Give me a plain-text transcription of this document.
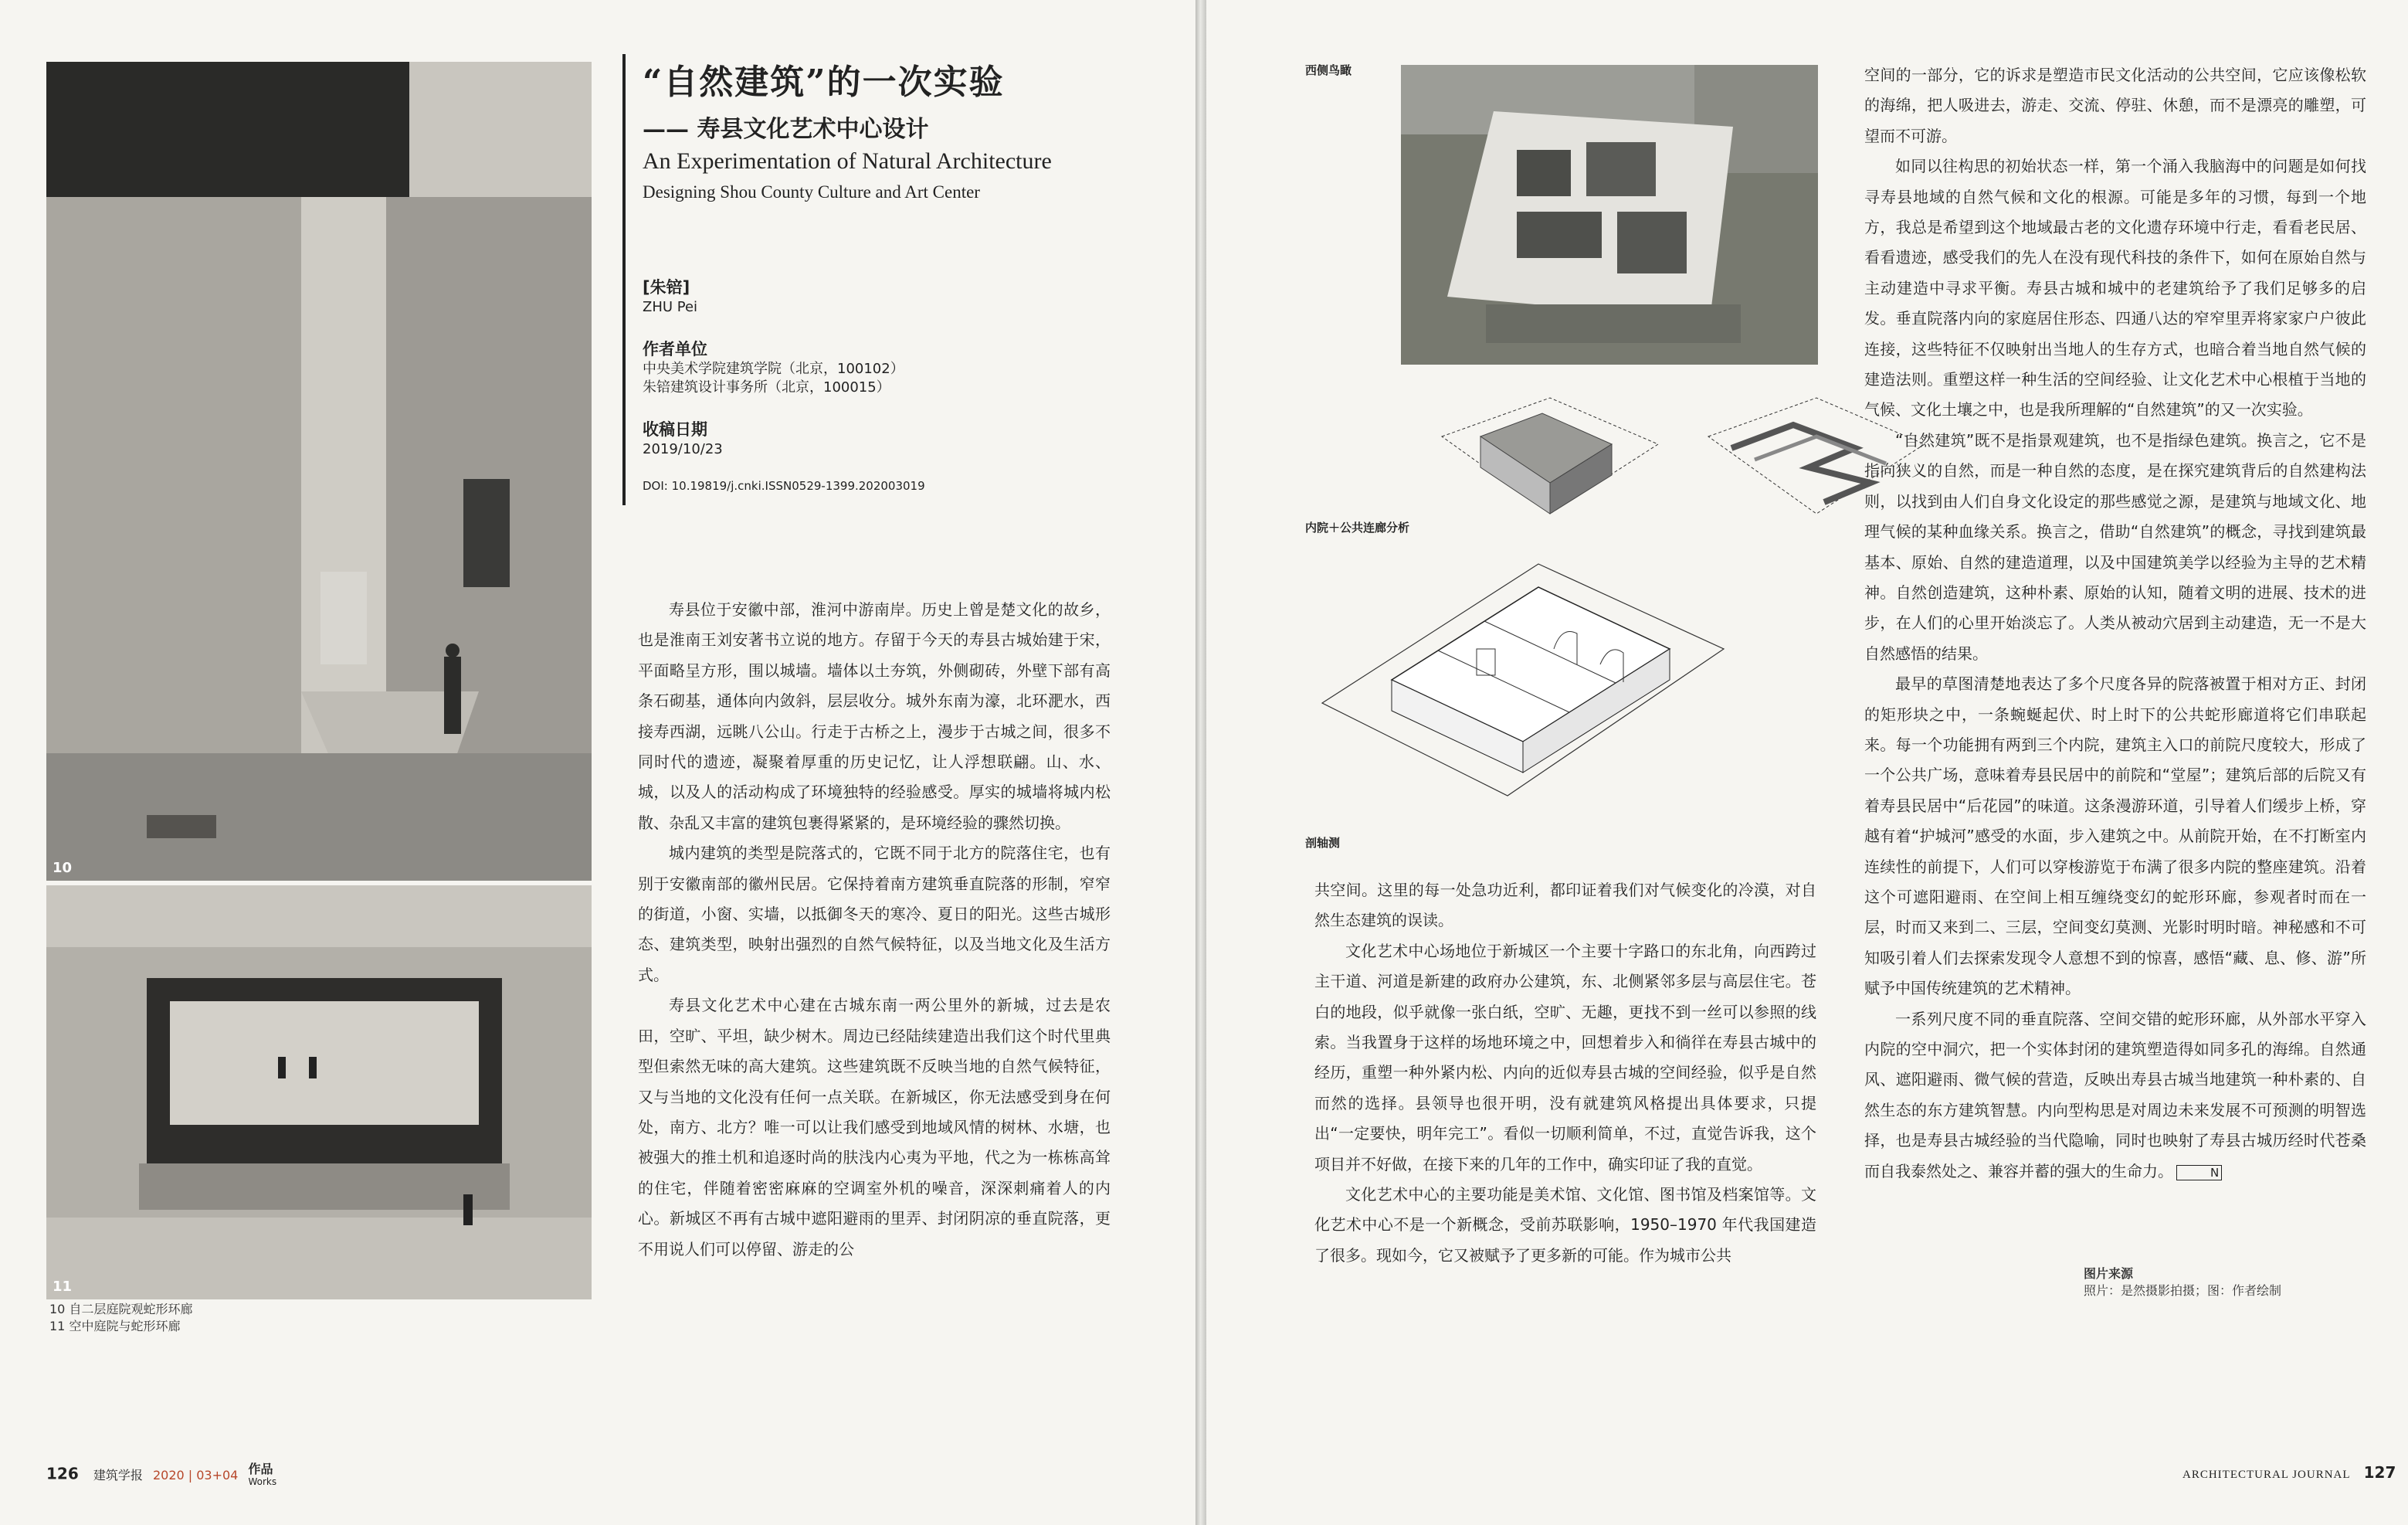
10
11
10 自二层庭院观蛇形环廊
11 空中庭院与蛇形环廊
“自然建筑”的一次实验
—— 寿县文化艺术中心设计
An Experimentation of Natural Architecture
Designing Shou County Culture and Art Center
[朱锫]
ZHU Pei
作者单位
中央美术学院建筑学院（北京，100102）
朱锫建筑设计事务所（北京，100015）
收稿日期
2019/10/23
DOI: 10.19819/j.cnki.ISSN0529-1399.202003019

寿县位于安徽中部，淮河中游南岸。历史上曾是楚文化的故乡，也是淮南王刘安著书立说的地方。存留于今天的寿县古城始建于宋，平面略呈方形，围以城墙。墙体以土夯筑，外侧砌砖，外壁下部有高条石砌基，通体向内敛斜，层层收分。城外东南为濠，北环淝水，西接寿西湖，远眺八公山。行走于古桥之上，漫步于古城之间，很多不同时代的遗迹，凝聚着厚重的历史记忆，让人浮想联翩。山、水、城，以及人的活动构成了环境独特的经验感受。厚实的城墙将城内松散、杂乱又丰富的建筑包裹得紧紧的，是环境经验的骤然切换。

城内建筑的类型是院落式的，它既不同于北方的院落住宅，也有别于安徽南部的徽州民居。它保持着南方建筑垂直院落的形制，窄窄的街道，小窗、实墙，以抵御冬天的寒冷、夏日的阳光。这些古城形态、建筑类型，映射出强烈的自然气候特征，以及当地文化及生活方式。

寿县文化艺术中心建在古城东南一两公里外的新城，过去是农田，空旷、平坦，缺少树木。周边已经陆续建造出我们这个时代里典型但索然无味的高大建筑。这些建筑既不反映当地的自然气候特征，又与当地的文化没有任何一点关联。在新城区，你无法感受到身在何处，南方、北方？唯一可以让我们感受到地域风情的树林、水塘，也被强大的推土机和追逐时尚的肤浅内心夷为平地，代之为一栋栋高耸的住宅，伴随着密密麻麻的空调室外机的噪音，深深刺痛着人的内心。新城区不再有古城中遮阳避雨的里弄、封闭阴凉的垂直院落，更不用说人们可以停留、游走的公

126 建筑学报 2020 | 03+04 作品
Works
西侧鸟瞰
内院＋公共连廊分析
剖轴测

共空间。这里的每一处急功近利，都印证着我们对气候变化的冷漠，对自然生态建筑的误读。

文化艺术中心场地位于新城区一个主要十字路口的东北角，向西跨过主干道、河道是新建的政府办公建筑，东、北侧紧邻多层与高层住宅。苍白的地段，似乎就像一张白纸，空旷、无趣，更找不到一丝可以参照的线索。当我置身于这样的场地环境之中，回想着步入和徜徉在寿县古城中的经历，重塑一种外紧内松、内向的近似寿县古城的空间经验，似乎是自然而然的选择。县领导也很开明，没有就建筑风格提出具体要求，只提出“一定要快，明年完工”。看似一切顺利简单，不过，直觉告诉我，这个项目并不好做，在接下来的几年的工作中，确实印证了我的直觉。

文化艺术中心的主要功能是美术馆、文化馆、图书馆及档案馆等。文化艺术中心不是一个新概念，受前苏联影响，1950–1970 年代我国建造了很多。现如今，它又被赋予了更多新的可能。作为城市公共

空间的一部分，它的诉求是塑造市民文化活动的公共空间，它应该像松软的海绵，把人吸进去，游走、交流、停驻、休憩，而不是漂亮的雕塑，可望而不可游。

如同以往构思的初始状态一样，第一个涌入我脑海中的问题是如何找寻寿县地域的自然气候和文化的根源。可能是多年的习惯，每到一个地方，我总是希望到这个地域最古老的文化遗存环境中行走，看看老民居、看看遗迹，感受我们的先人在没有现代科技的条件下，如何在原始自然与主动建造中寻求平衡。寿县古城和城中的老建筑给予了我们足够多的启发。垂直院落内向的家庭居住形态、四通八达的窄窄里弄将家家户户彼此连接，这些特征不仅映射出当地人的生存方式，也暗合着当地自然气候的建造法则。重塑这样一种生活的空间经验、让文化艺术中心根植于当地的气候、文化土壤之中，也是我所理解的“自然建筑”的又一次实验。

“自然建筑”既不是指景观建筑，也不是指绿色建筑。换言之，它不是指向狭义的自然，而是一种自然的态度，是在探究建筑背后的自然建构法则，以找到由人们自身文化设定的那些感觉之源，是建筑与地域文化、地理气候的某种血缘关系。换言之，借助“自然建筑”的概念，寻找到建筑最基本、原始、自然的建造道理，以及中国建筑美学以经验为主导的艺术精神。自然创造建筑，这种朴素、原始的认知，随着文明的进展、技术的进步，在人们的心里开始淡忘了。人类从被动穴居到主动建造，无一不是大自然感悟的结果。

最早的草图清楚地表达了多个尺度各异的院落被置于相对方正、封闭的矩形块之中，一条蜿蜒起伏、时上时下的公共蛇形廊道将它们串联起来。每一个功能拥有两到三个内院，建筑主入口的前院尺度较大，形成了一个公共广场，意味着寿县民居中的前院和“堂屋”；建筑后部的后院又有着寿县民居中“后花园”的味道。这条漫游环道，引导着人们缓步上桥，穿越有着“护城河”感受的水面，步入建筑之中。从前院开始，在不打断室内连续性的前提下，人们可以穿梭游览于布满了很多内院的整座建筑。沿着这个可遮阳避雨、在空间上相互缠绕变幻的蛇形环廊，参观者时而在一层，时而又来到二、三层，空间变幻莫测、光影时明时暗。神秘感和不可知吸引着人们去探索发现令人意想不到的惊喜，感悟“藏、息、修、游”所赋予中国传统建筑的艺术精神。

一系列尺度不同的垂直院落、空间交错的蛇形环廊，从外部水平穿入内院的空中洞穴，把一个实体封闭的建筑塑造得如同多孔的海绵。自然通风、遮阳避雨、微气候的营造，反映出寿县古城当地建筑一种朴素的、自然生态的东方建筑智慧。内向型构思是对周边未来发展不可预测的明智选择，也是寿县古城经验的当代隐喻，同时也映射了寿县古城历经时代苍桑而自我泰然处之、兼容并蓄的强大的生命力。	N

图片来源
照片：是然摄影拍摄；图：作者绘制
ARCHITECTURAL JOURNAL 127
